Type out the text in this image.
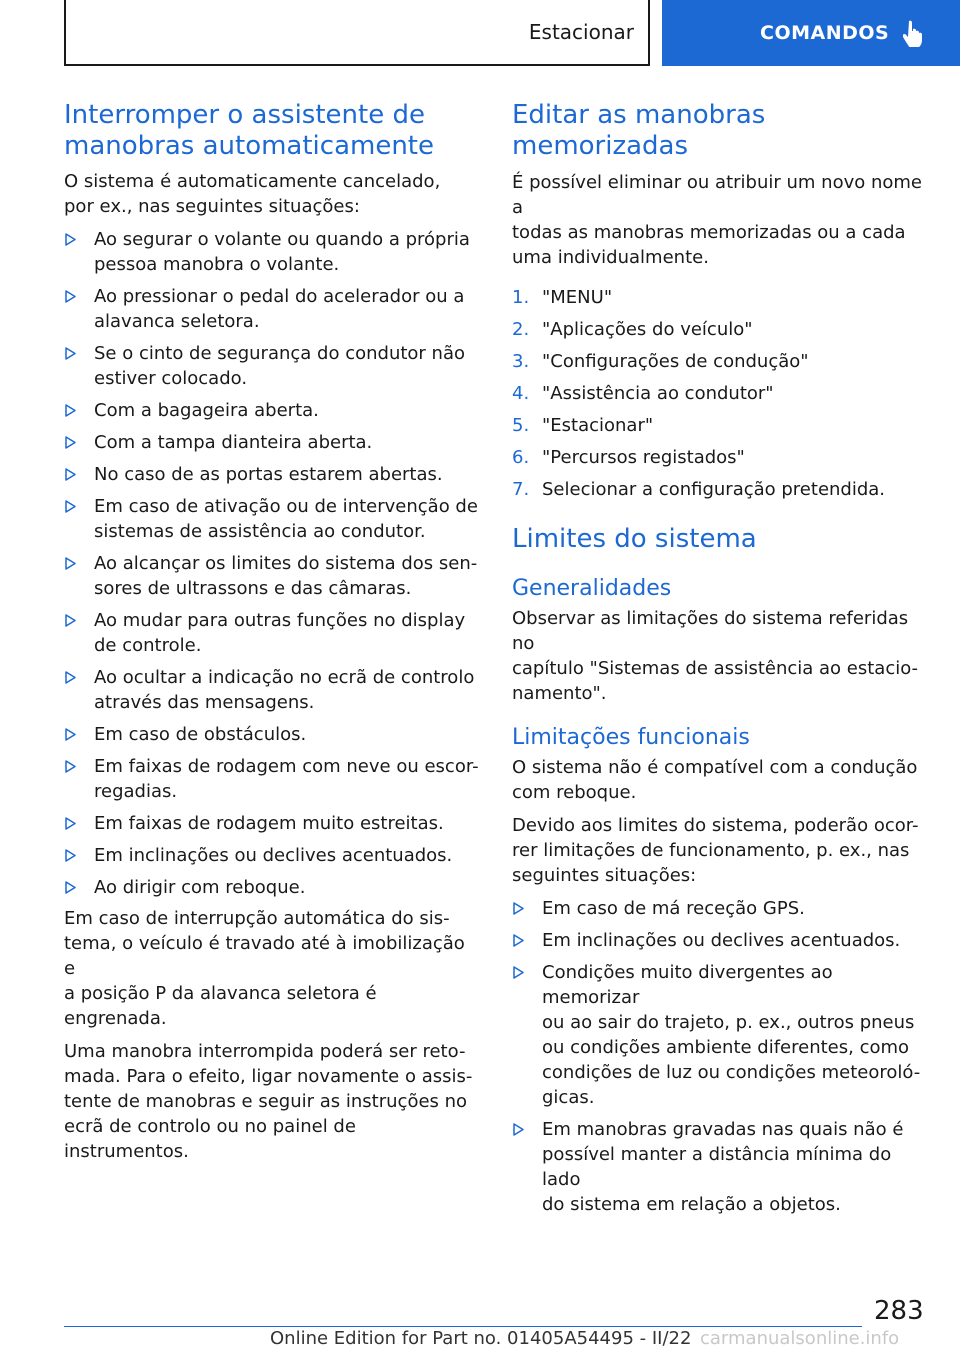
Estacionar	COMANDOS
Interromper o assistente de
manobras automaticamente

O sistema é automaticamente cancelado,
por ex., nas seguintes situações:

Ao segurar o volante ou quando a própria
pessoa manobra o volante.
Ao pressionar o pedal do acelerador ou a
alavanca seletora.
Se o cinto de segurança do condutor não
estiver colocado.
Com a bagageira aberta.
Com a tampa dianteira aberta.
No caso de as portas estarem abertas.
Em caso de ativação ou de intervenção de
sistemas de assistência ao condutor.
Ao alcançar os limites do sistema dos sen-
sores de ultrassons e das câmaras.
Ao mudar para outras funções no display
de controle.
Ao ocultar a indicação no ecrã de controlo
através das mensagens.
Em caso de obstáculos.
Em faixas de rodagem com neve ou escor-
regadias.
Em faixas de rodagem muito estreitas.
Em inclinações ou declives acentuados.
Ao dirigir com reboque.

Em caso de interrupção automática do sis-
tema, o veículo é travado até à imobilização e
a posição P da alavanca seletora é engrenada.

Uma manobra interrompida poderá ser reto-
mada. Para o efeito, ligar novamente o assis-
tente de manobras e seguir as instruções no
ecrã de controlo ou no painel de instrumentos.

Editar as manobras memorizadas

É possível eliminar ou atribuir um novo nome a
todas as manobras memorizadas ou a cada
uma individualmente.

1. "MENU"
2. "Aplicações do veículo"
3. "Configurações de condução"
4. "Assistência ao condutor"
5. "Estacionar"
6. "Percursos registados"
7. Selecionar a configuração pretendida.
Limites do sistema
Generalidades

Observar as limitações do sistema referidas no
capítulo "Sistemas de assistência ao estacio-
namento".

Limitações funcionais

O sistema não é compatível com a condução
com reboque.

Devido aos limites do sistema, poderão ocor-
rer limitações de funcionamento, p. ex., nas
seguintes situações:

Em caso de má receção GPS.
Em inclinações ou declives acentuados.
Condições muito divergentes ao memorizar
ou ao sair do trajeto, p. ex., outros pneus
ou condições ambiente diferentes, como
condições de luz ou condições meteoroló-
gicas.
Em manobras gravadas nas quais não é
possível manter a distância mínima do lado
do sistema em relação a objetos.
283
Online Edition for Part no. 01405A54495 - II/22 carmanualsonline.info
